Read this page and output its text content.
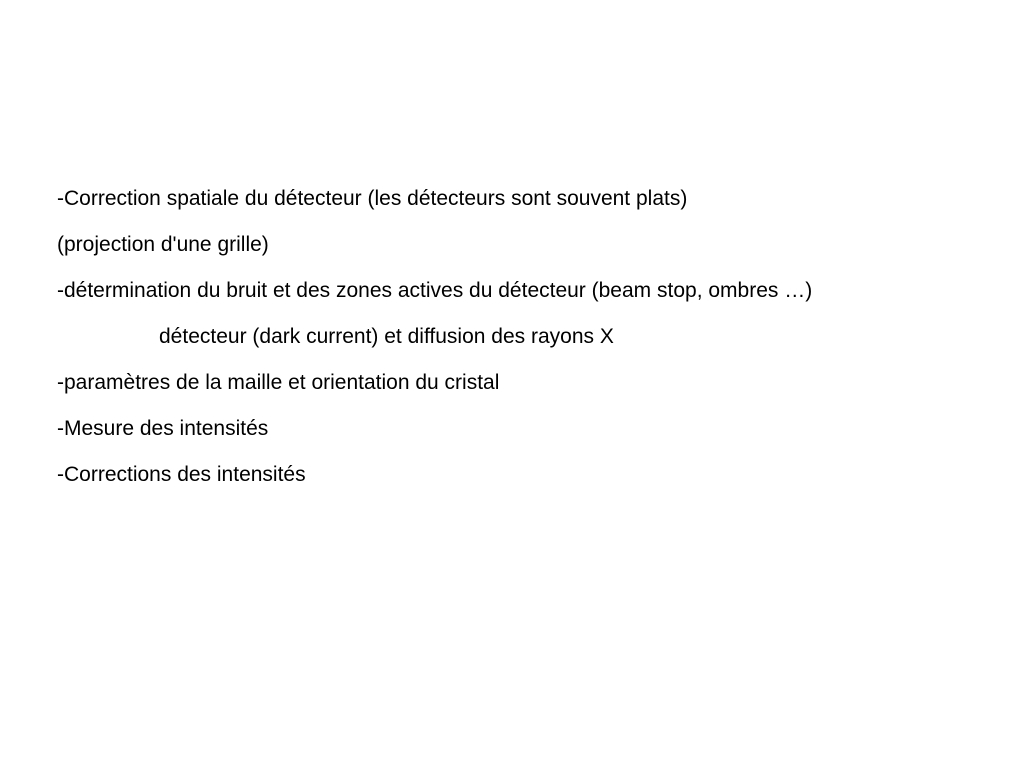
-Correction spatiale du détecteur (les détecteurs sont souvent plats)

(projection d'une grille)

-détermination du bruit et des zones actives du détecteur (beam stop, ombres …)

détecteur (dark current) et diffusion des rayons X

-paramètres de la maille et orientation du cristal

-Mesure des intensités

-Corrections des intensités
